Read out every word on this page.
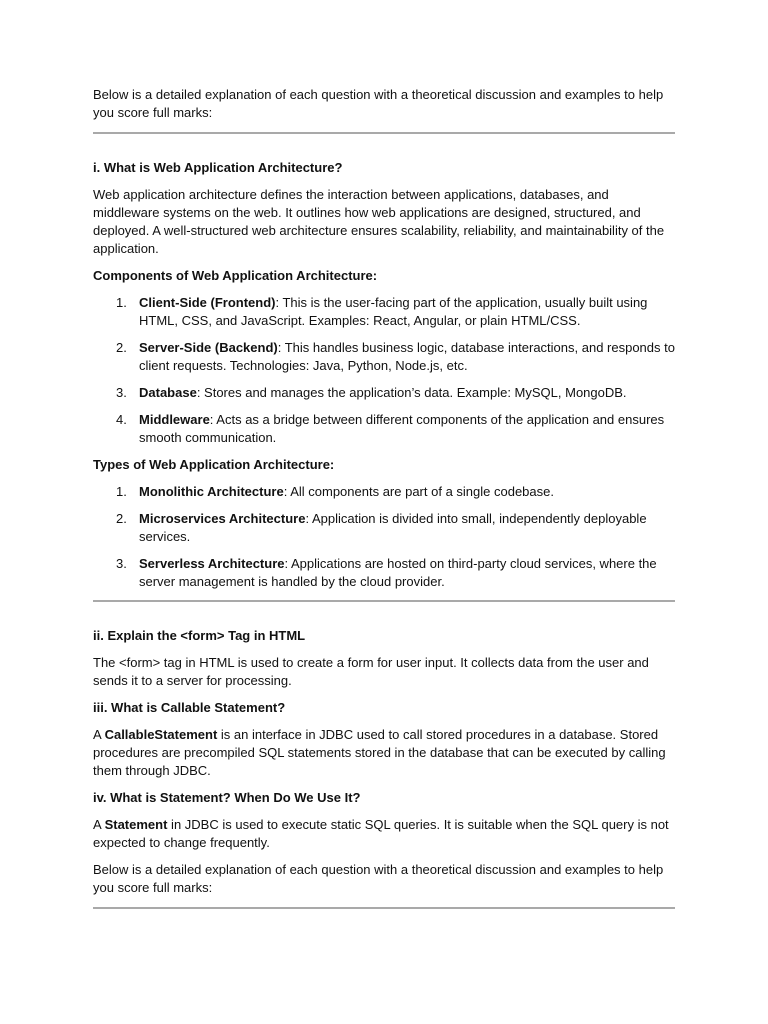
Below is a detailed explanation of each question with a theoretical discussion and examples to help you score full marks:

i. What is Web Application Architecture?

Web application architecture defines the interaction between applications, databases, and middleware systems on the web. It outlines how web applications are designed, structured, and deployed. A well-structured web architecture ensures scalability, reliability, and maintainability of the application.

Components of Web Application Architecture:

1. Client-Side (Frontend): This is the user-facing part of the application, usually built using HTML, CSS, and JavaScript. Examples: React, Angular, or plain HTML/CSS.
2. Server-Side (Backend): This handles business logic, database interactions, and responds to client requests. Technologies: Java, Python, Node.js, etc.
3. Database: Stores and manages the application’s data. Example: MySQL, MongoDB.
4. Middleware: Acts as a bridge between different components of the application and ensures smooth communication.

Types of Web Application Architecture:

1. Monolithic Architecture: All components are part of a single codebase.
2. Microservices Architecture: Application is divided into small, independently deployable services.
3. Serverless Architecture: Applications are hosted on third-party cloud services, where the server management is handled by the cloud provider.

ii. Explain the <form> Tag in HTML

The <form> tag in HTML is used to create a form for user input. It collects data from the user and sends it to a server for processing.

iii. What is Callable Statement?

A CallableStatement is an interface in JDBC used to call stored procedures in a database. Stored procedures are precompiled SQL statements stored in the database that can be executed by calling them through JDBC.

iv. What is Statement? When Do We Use It?

A Statement in JDBC is used to execute static SQL queries. It is suitable when the SQL query is not expected to change frequently.

Below is a detailed explanation of each question with a theoretical discussion and examples to help you score full marks:
